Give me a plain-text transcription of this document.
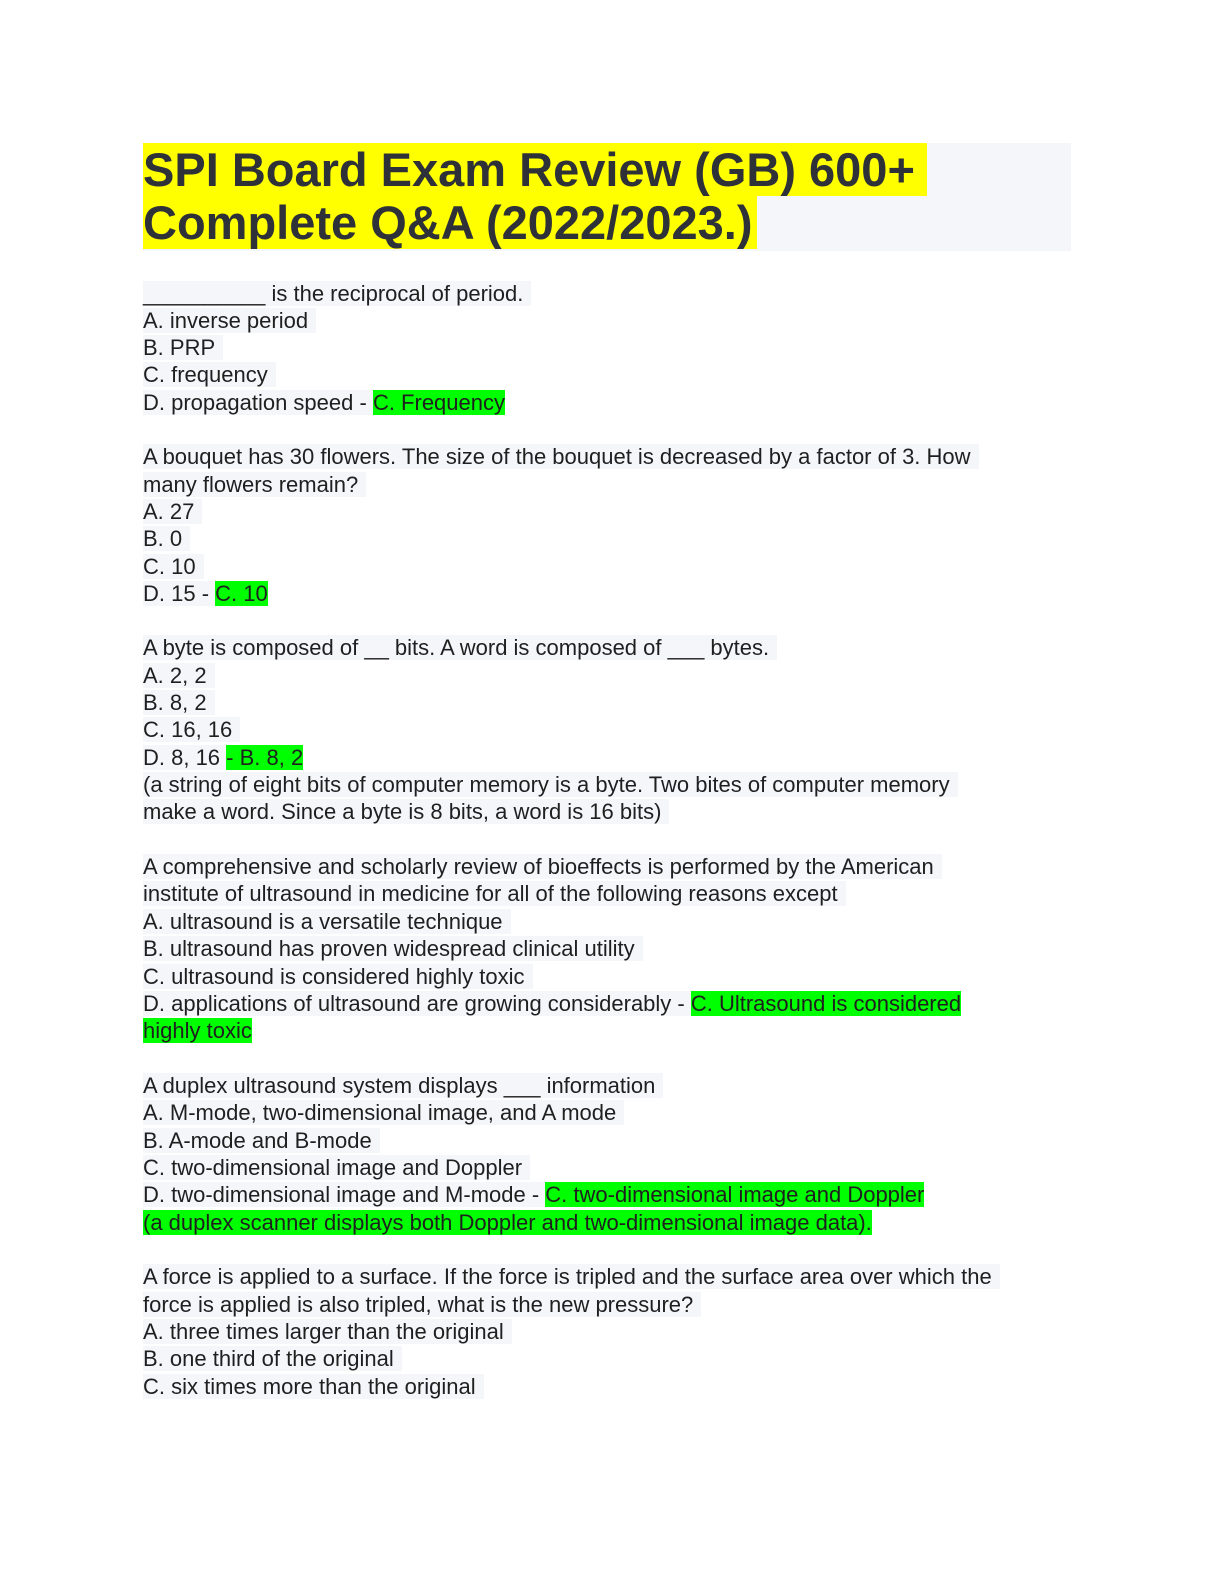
SPI Board Exam Review (GB) 600+
Complete Q&A (2022/2023.)
__________ is the reciprocal of period.
A. inverse period
B. PRP
C. frequency
D. propagation speed - C. Frequency
A bouquet has 30 flowers. The size of the bouquet is decreased by a factor of 3. How
many flowers remain?
A. 27
B. 0
C. 10
D. 15 - C. 10
A byte is composed of __ bits. A word is composed of ___ bytes.
A. 2, 2
B. 8, 2
C. 16, 16
D. 8, 16 - B. 8, 2
(a string of eight bits of computer memory is a byte. Two bites of computer memory
make a word. Since a byte is 8 bits, a word is 16 bits)
A comprehensive and scholarly review of bioeffects is performed by the American
institute of ultrasound in medicine for all of the following reasons except
A. ultrasound is a versatile technique
B. ultrasound has proven widespread clinical utility
C. ultrasound is considered highly toxic
D. applications of ultrasound are growing considerably - C. Ultrasound is considered
highly toxic
A duplex ultrasound system displays ___ information
A. M-mode, two-dimensional image, and A mode
B. A-mode and B-mode
C. two-dimensional image and Doppler
D. two-dimensional image and M-mode - C. two-dimensional image and Doppler
(a duplex scanner displays both Doppler and two-dimensional image data).
A force is applied to a surface. If the force is tripled and the surface area over which the
force is applied is also tripled, what is the new pressure?
A. three times larger than the original
B. one third of the original
C. six times more than the original
